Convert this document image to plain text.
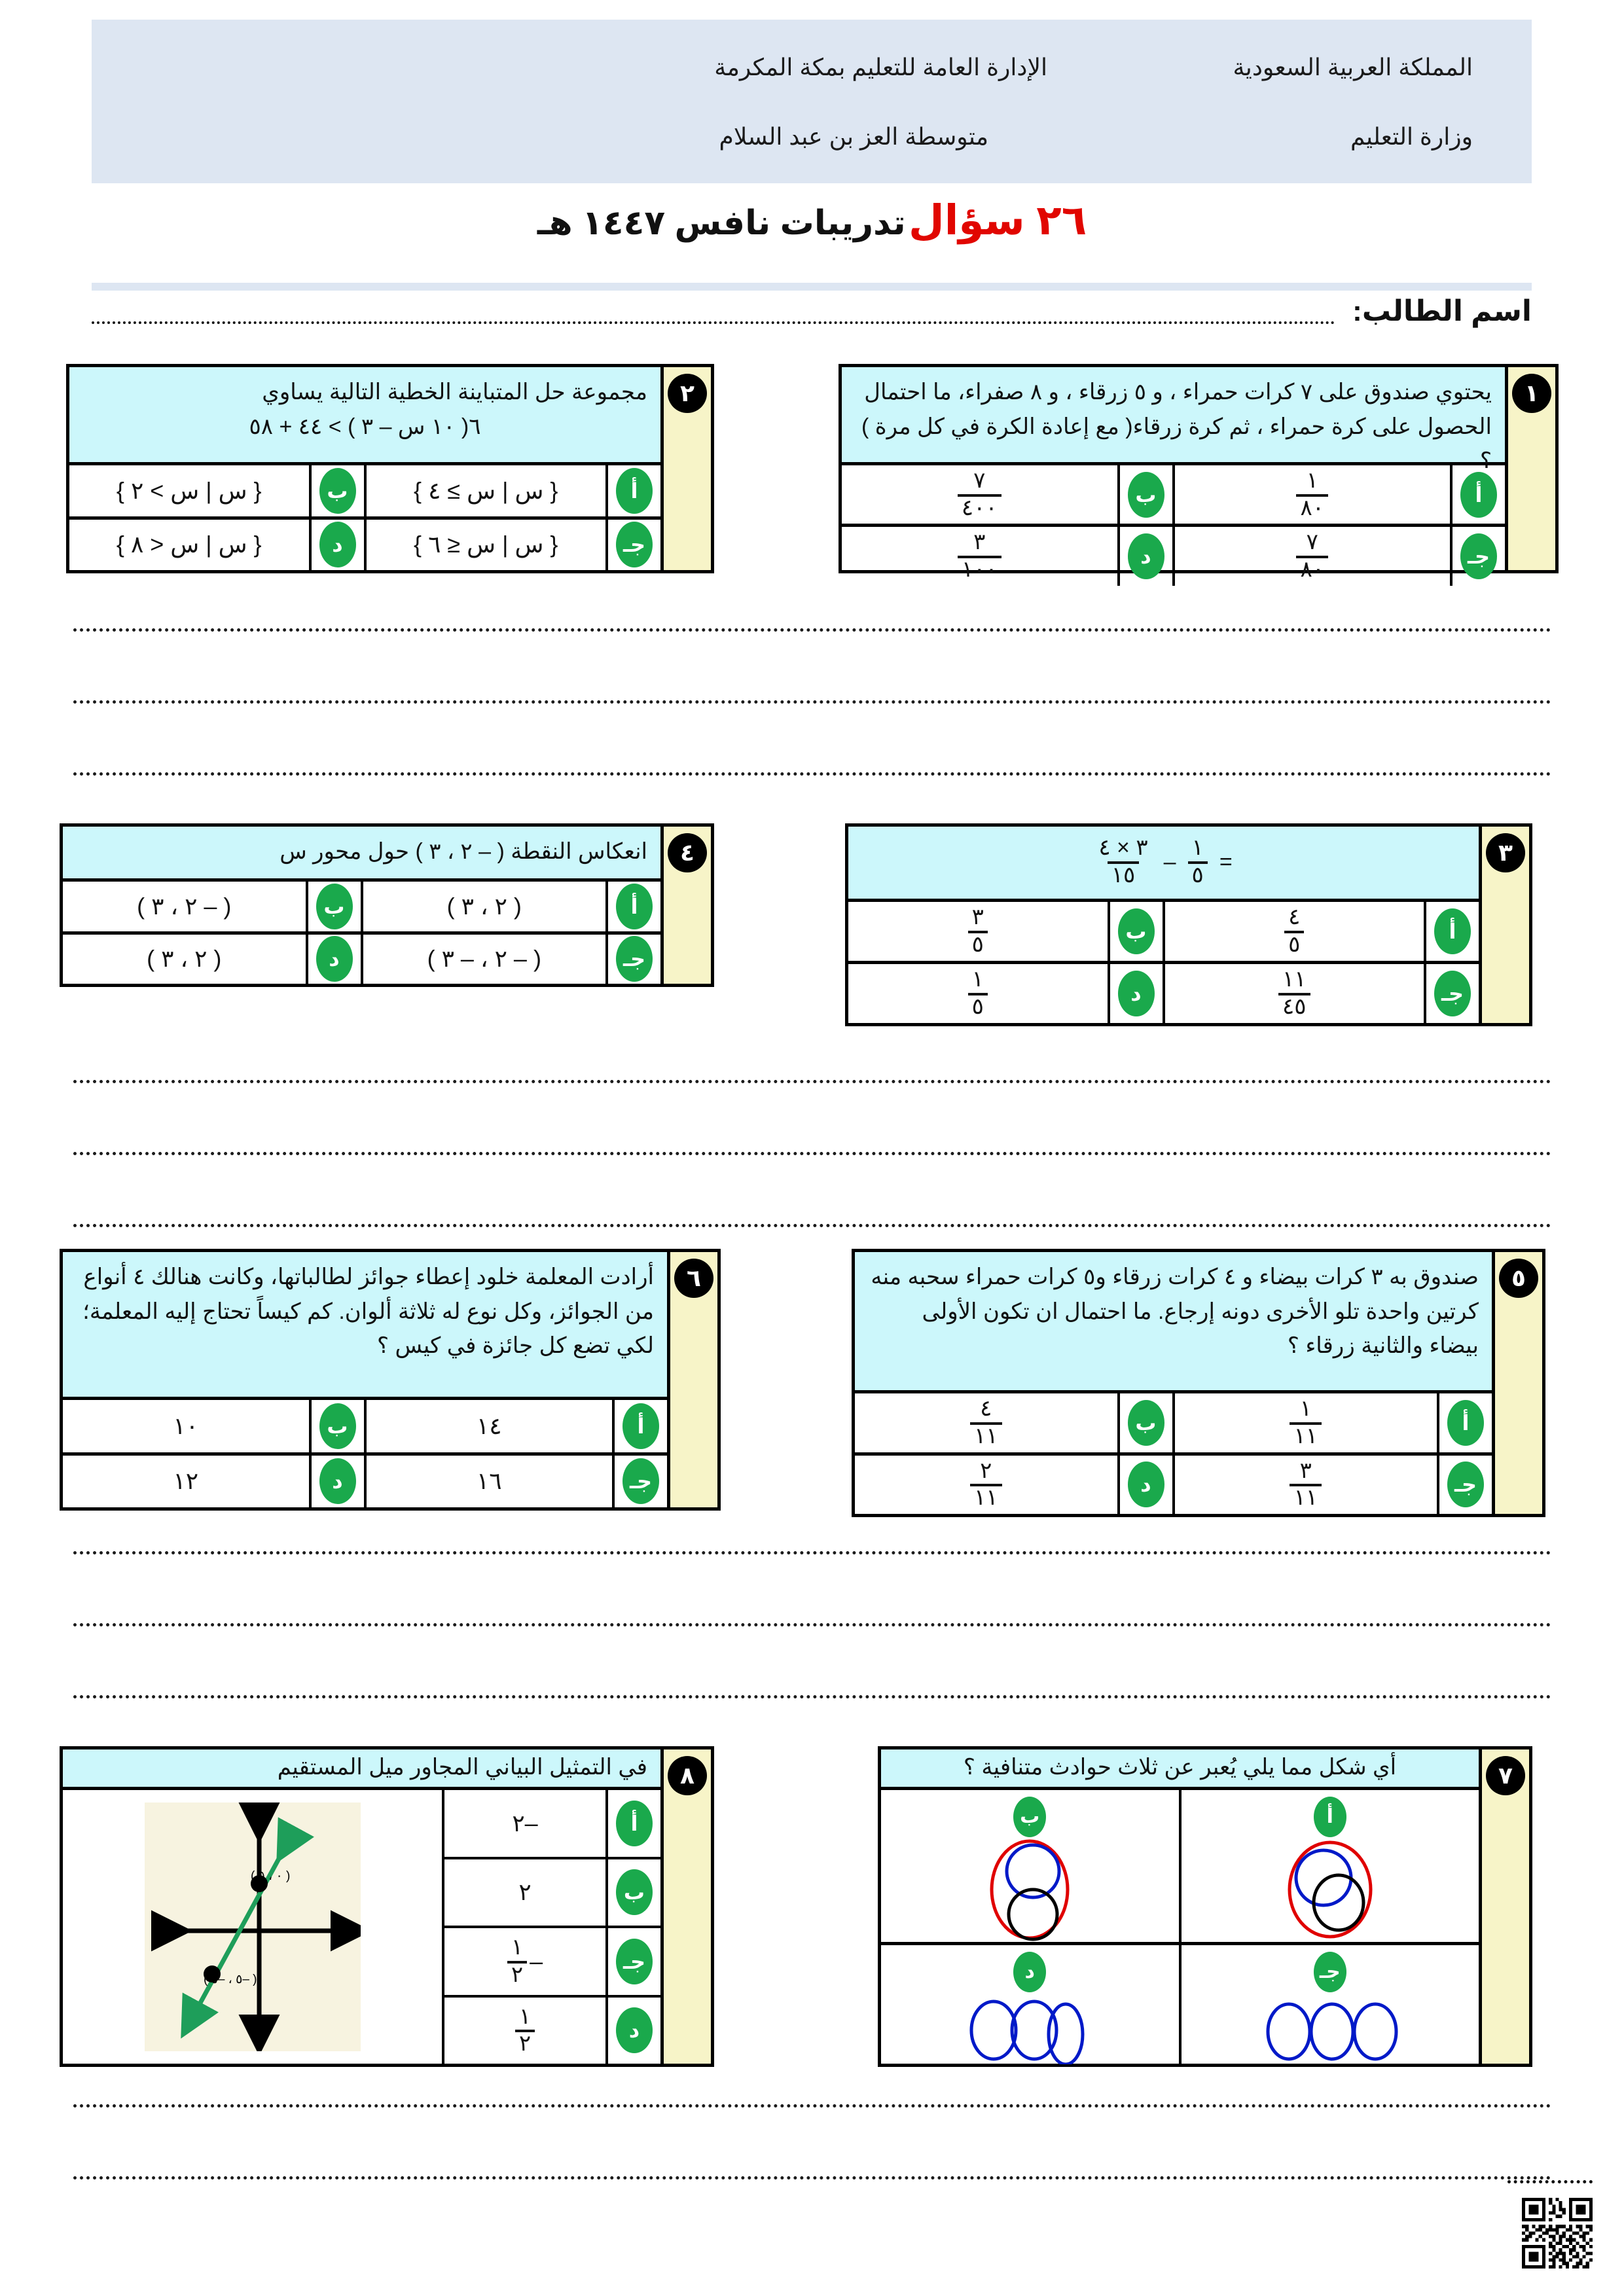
المملكة العربية السعودية
وزارة التعليم
الإدارة العامة للتعليم بمكة المكرمة
متوسطة العز بن عبد السلام
٢٦ سؤال تدريبات نافس ١٤٤٧ هـ
اسم الطالب:
١
يحتوي صندوق على ٧ كرات حمراء ، و ٥ زرقاء ، و ٨ صفراء، ما احتمال الحصول على كرة حمراء ، ثم كرة زرقاء( مع إعادة الكرة في كل مرة ) ؟
أ
$\frac{١}{٨٠}$
ب
$\frac{٧}{٤٠٠}$
جـ
$\frac{٧}{٨٠}$
د
$\frac{٣}{١٠٠}$
٢
مجموعة حل المتباينة الخطية التالية يساوي
٦( ١٠ س – ٣ ) > ٤٤ + ٥٨
أ
{ س | س ≥ ٤ }
ب
{ س | س > ٢ }
جـ
{ س | س ≤ ٦ }
د
{ س | س < ٨ }
٣
=
$\frac{١}{٥}$
–
$\frac{٣ \times ٤}{١٥}$
أ
$\frac{٤}{٥}$
ب
$\frac{٣}{٥}$
جـ
$\frac{١١}{٤٥}$
د
$\frac{١}{٥}$
٤
انعكاس النقطة ( – ٢ ، ٣ ) حول محور س
أ
( ٢ ، ٣ )
ب
( – ٢ ، ٣ )
جـ
( – ٢ ، – ٣ )
د
( ٢ ، ٣ )
٥
صندوق به ٣ كرات بيضاء و ٤ كرات زرقاء و٥ كرات حمراء سحبه منه كرتين واحدة تلو الأخرى دونه إرجاع. ما احتمال ان تكون الأولى بيضاء والثانية زرقاء ؟
أ
$\frac{١}{١١}$
ب
$\frac{٤}{١١}$
جـ
$\frac{٣}{١١}$
د
$\frac{٢}{١١}$
٦
أرادت المعلمة خلود إعطاء جوائز لطالباتها، وكانت هنالك ٤ أنواع من الجوائز، وكل نوع له ثلاثة ألوان. كم كيساً تحتاج إليه المعلمة؛ لكي تضع كل جائزة في كيس ؟
أ
١٤
ب
١٠
جـ
١٦
د
١٢
٧
أي شكل مما يلي يُعبر عن ثلاث حوادث متنافية ؟
أ
ب
جـ
د
٨
في التمثيل البياني المجاور ميل المستقيم
أ
–٢
ب
٢
جـ
–
$\frac{١}{٢}$
د
$\frac{١}{٢}$
( ٠ ، ٥ )
( –٥ ، –٥ )
